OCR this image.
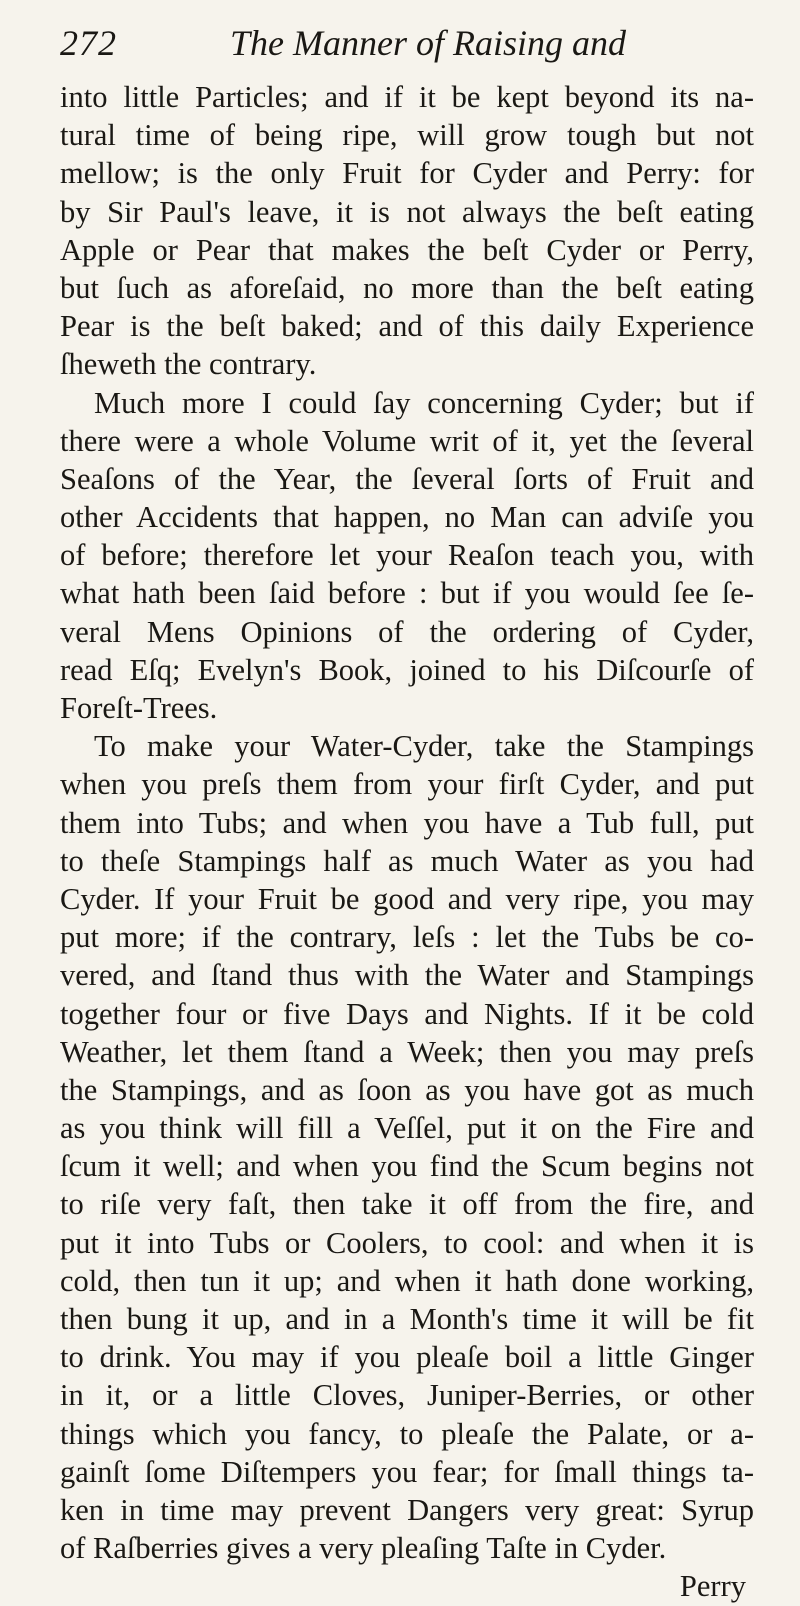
272	The Manner of Raising and
into little Particles; and if it be kept beyond its na-
tural time of being ripe, will grow tough but not
mellow; is the only Fruit for Cyder and Perry: for
by Sir Paul's leave, it is not always the beſt eating
Apple or Pear that makes the beſt Cyder or Perry,
but ſuch as aforeſaid, no more than the beſt eating
Pear is the beſt baked; and of this daily Experience
ſheweth the contrary.
Much more I could ſay concerning Cyder; but if
there were a whole Volume writ of it, yet the ſeveral
Seaſons of the Year, the ſeveral ſorts of Fruit and
other Accidents that happen, no Man can adviſe you
of before; therefore let your Reaſon teach you, with
what hath been ſaid before : but if you would ſee ſe-
veral Mens Opinions of the ordering of Cyder,
read Eſq; Evelyn's Book, joined to his Diſcourſe of
Foreſt-Trees.
To make your Water-Cyder, take the Stampings
when you preſs them from your firſt Cyder, and put
them into Tubs; and when you have a Tub full, put
to theſe Stampings half as much Water as you had
Cyder. If your Fruit be good and very ripe, you may
put more; if the contrary, leſs : let the Tubs be co-
vered, and ſtand thus with the Water and Stampings
together four or five Days and Nights. If it be cold
Weather, let them ſtand a Week; then you may preſs
the Stampings, and as ſoon as you have got as much
as you think will fill a Veſſel, put it on the Fire and
ſcum it well; and when you find the Scum begins not
to riſe very faſt, then take it off from the fire, and
put it into Tubs or Coolers, to cool: and when it is
cold, then tun it up; and when it hath done working,
then bung it up, and in a Month's time it will be fit
to drink. You may if you pleaſe boil a little Ginger
in it, or a little Cloves, Juniper-Berries, or other
things which you fancy, to pleaſe the Palate, or a-
gainſt ſome Diſtempers you fear; for ſmall things ta-
ken in time may prevent Dangers very great: Syrup
of Raſberries gives a very pleaſing Taſte in Cyder.
Perry
